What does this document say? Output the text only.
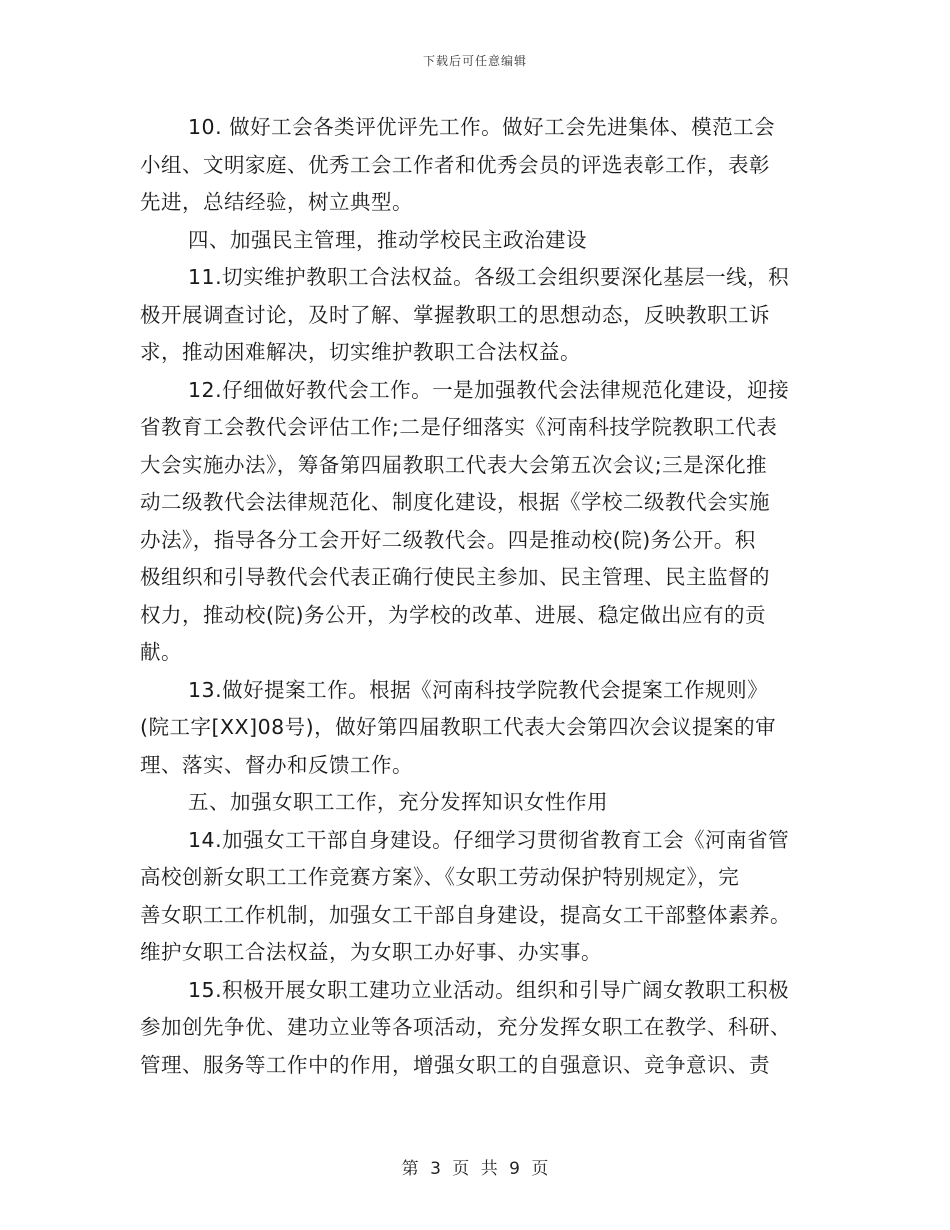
下载后可任意编辑
10. 做好工会各类评优评先工作。做好工会先进集体、模范工会
小组、文明家庭、优秀工会工作者和优秀会员的评选表彰工作，表彰
先进，总结经验，树立典型。
四、加强民主管理，推动学校民主政治建设
11.切实维护教职工合法权益。各级工会组织要深化基层一线，积
极开展调查讨论，及时了解、掌握教职工的思想动态，反映教职工诉
求，推动困难解决，切实维护教职工合法权益。
12.仔细做好教代会工作。一是加强教代会法律规范化建设，迎接
省教育工会教代会评估工作;二是仔细落实《河南科技学院教职工代表
大会实施办法》，筹备第四届教职工代表大会第五次会议;三是深化推
动二级教代会法律规范化、制度化建设，根据《学校二级教代会实施
办法》，指导各分工会开好二级教代会。四是推动校(院)务公开。积
极组织和引导教代会代表正确行使民主参加、民主管理、民主监督的
权力，推动校(院)务公开，为学校的改革、进展、稳定做出应有的贡
献。
13.做好提案工作。根据《河南科技学院教代会提案工作规则》
(院工字[XX]08号)，做好第四届教职工代表大会第四次会议提案的审
理、落实、督办和反馈工作。
五、加强女职工工作，充分发挥知识女性作用
14.加强女工干部自身建设。仔细学习贯彻省教育工会《河南省管
高校创新女职工工作竞赛方案》、《女职工劳动保护特别规定》，完
善女职工工作机制，加强女工干部自身建设，提高女工干部整体素养。
维护女职工合法权益，为女职工办好事、办实事。
15.积极开展女职工建功立业活动。组织和引导广阔女教职工积极
参加创先争优、建功立业等各项活动，充分发挥女职工在教学、科研、
管理、服务等工作中的作用，增强女职工的自强意识、竞争意识、责
第 3 页 共 9 页
